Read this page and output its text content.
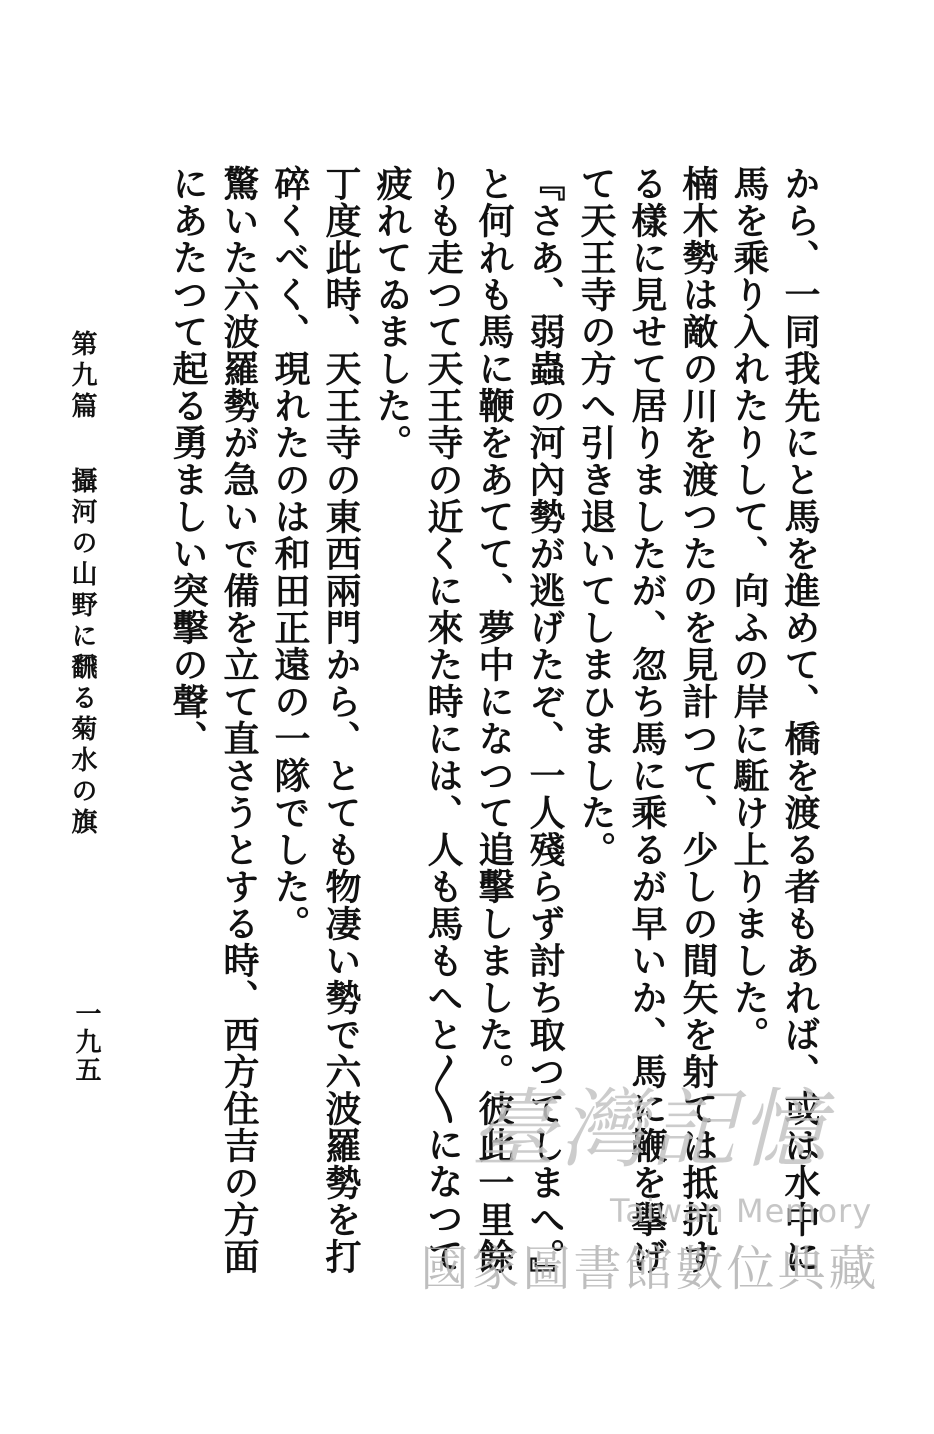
から、一同我先にと馬を進めて、橋を渡る者もあれば、或は水中に馬を乘り入れたりして、向ふの岸に駈け上りました。

楠木勢は敵の川を渡つたのを見計つて、少しの間矢を射ては抵抗する樣に見せて居りましたが、忽ち馬に乘るが早いか、馬に鞭を擧げて天王寺の方へ引き退いてしまひました。

『さあ、弱蟲の河內勢が逃げたぞ、一人殘らず討ち取つてしまへ。』

と何れも馬に鞭をあてて、夢中になつて追擊しました。彼此一里餘りも走つて天王寺の近くに來た時には、人も馬もへと〳〵になつて疲れてゐました。

丁度此時、天王寺の東西兩門から、とても物凄い勢で六波羅勢を打碎くべく、現れたのは和田正遠の一隊でした。

驚いた六波羅勢が急いで備を立て直さうとする時、西方住吉の方面にあたつて起る勇ましい突擊の聲、

第九篇 攝河の山野に飜る菊水の旗
一九五
臺灣記憶
Taiwan Memory
國家圖書館數位典藏
